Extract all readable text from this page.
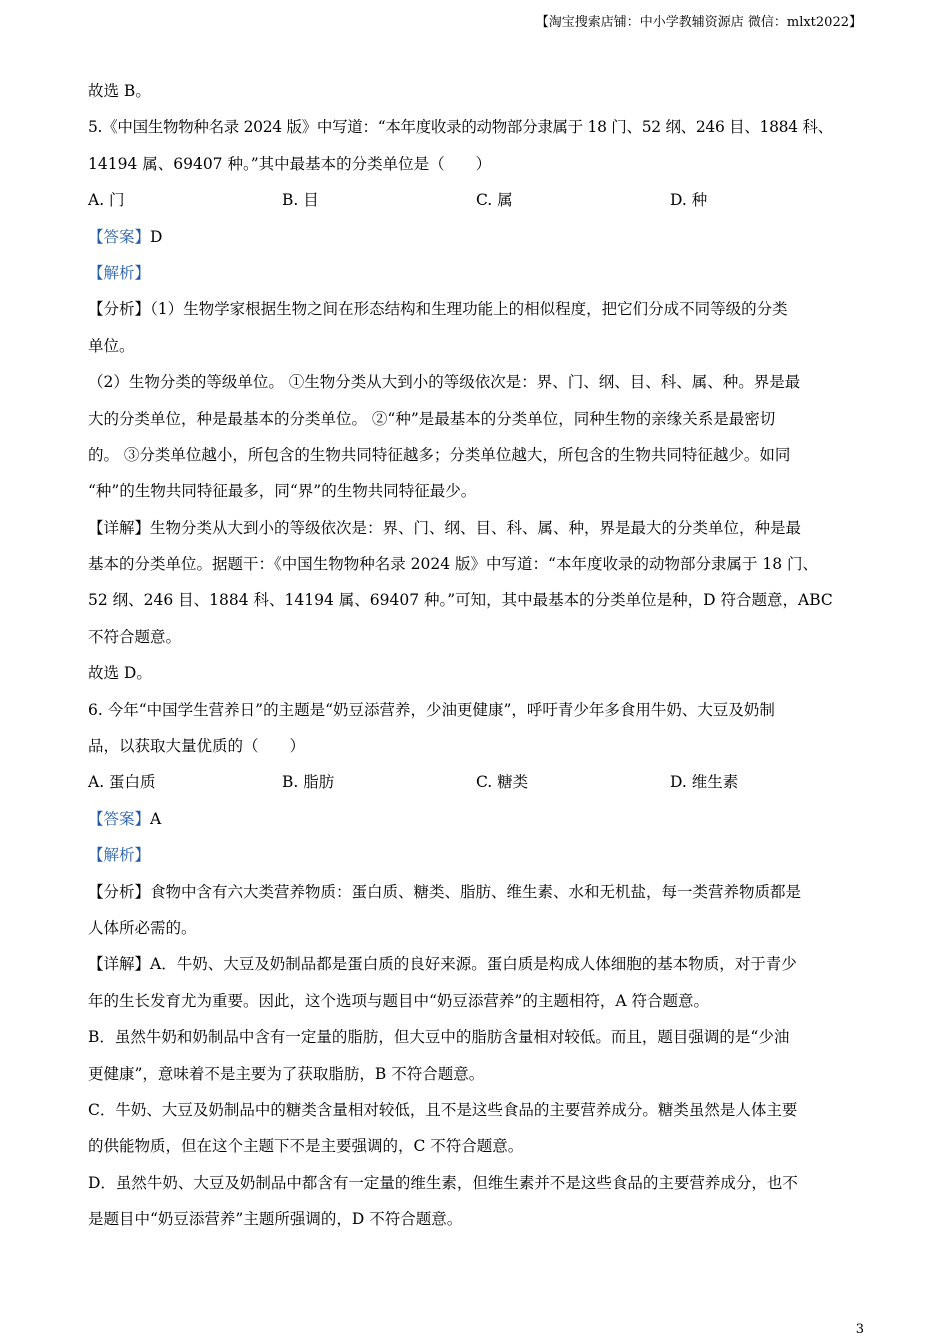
【淘宝搜索店铺：中小学教辅资源店 微信：mlxt2022】
故选 B。
5.《中国生物物种名录 2024 版》中写道：“本年度收录的动物部分隶属于 18 门、52 纲、246 目、1884 科、
14194 属、69407 种。”其中最基本的分类单位是（　　）
A. 门	B. 目	C. 属	D. 种
【答案】D
【解析】
【分析】（1）生物学家根据生物之间在形态结构和生理功能上的相似程度，把它们分成不同等级的分类
单位。
（2）生物分类的等级单位。 ①生物分类从大到小的等级依次是：界、门、纲、目、科、属、种。界是最
大的分类单位，种是最基本的分类单位。 ②“种”是最基本的分类单位，同种生物的亲缘关系是最密切
的。 ③分类单位越小，所包含的生物共同特征越多；分类单位越大，所包含的生物共同特征越少。如同
“种”的生物共同特征最多，同“界”的生物共同特征最少。
【详解】生物分类从大到小的等级依次是：界、门、纲、目、科、属、种，界是最大的分类单位，种是最
基本的分类单位。据题干：《中国生物物种名录 2024 版》中写道：“本年度收录的动物部分隶属于 18 门、
52 纲、246 目、1884 科、14194 属、69407 种。”可知，其中最基本的分类单位是种，D 符合题意，ABC
不符合题意。
故选 D。
6. 今年“中国学生营养日”的主题是“奶豆添营养，少油更健康”，呼吁青少年多食用牛奶、大豆及奶制
品，以获取大量优质的（　　）
A. 蛋白质	B. 脂肪	C. 糖类	D. 维生素
【答案】A
【解析】
【分析】食物中含有六大类营养物质：蛋白质、糖类、脂肪、维生素、水和无机盐，每一类营养物质都是
人体所必需的。
【详解】A．牛奶、大豆及奶制品都是蛋白质的良好来源。蛋白质是构成人体细胞的基本物质，对于青少
年的生长发育尤为重要。因此，这个选项与题目中“奶豆添营养”的主题相符，A 符合题意。
B．虽然牛奶和奶制品中含有一定量的脂肪，但大豆中的脂肪含量相对较低。而且，题目强调的是“少油
更健康”，意味着不是主要为了获取脂肪，B 不符合题意。
C．牛奶、大豆及奶制品中的糖类含量相对较低，且不是这些食品的主要营养成分。糖类虽然是人体主要
的供能物质，但在这个主题下不是主要强调的，C 不符合题意。
D．虽然牛奶、大豆及奶制品中都含有一定量的维生素，但维生素并不是这些食品的主要营养成分，也不
是题目中“奶豆添营养”主题所强调的，D 不符合题意。
3
